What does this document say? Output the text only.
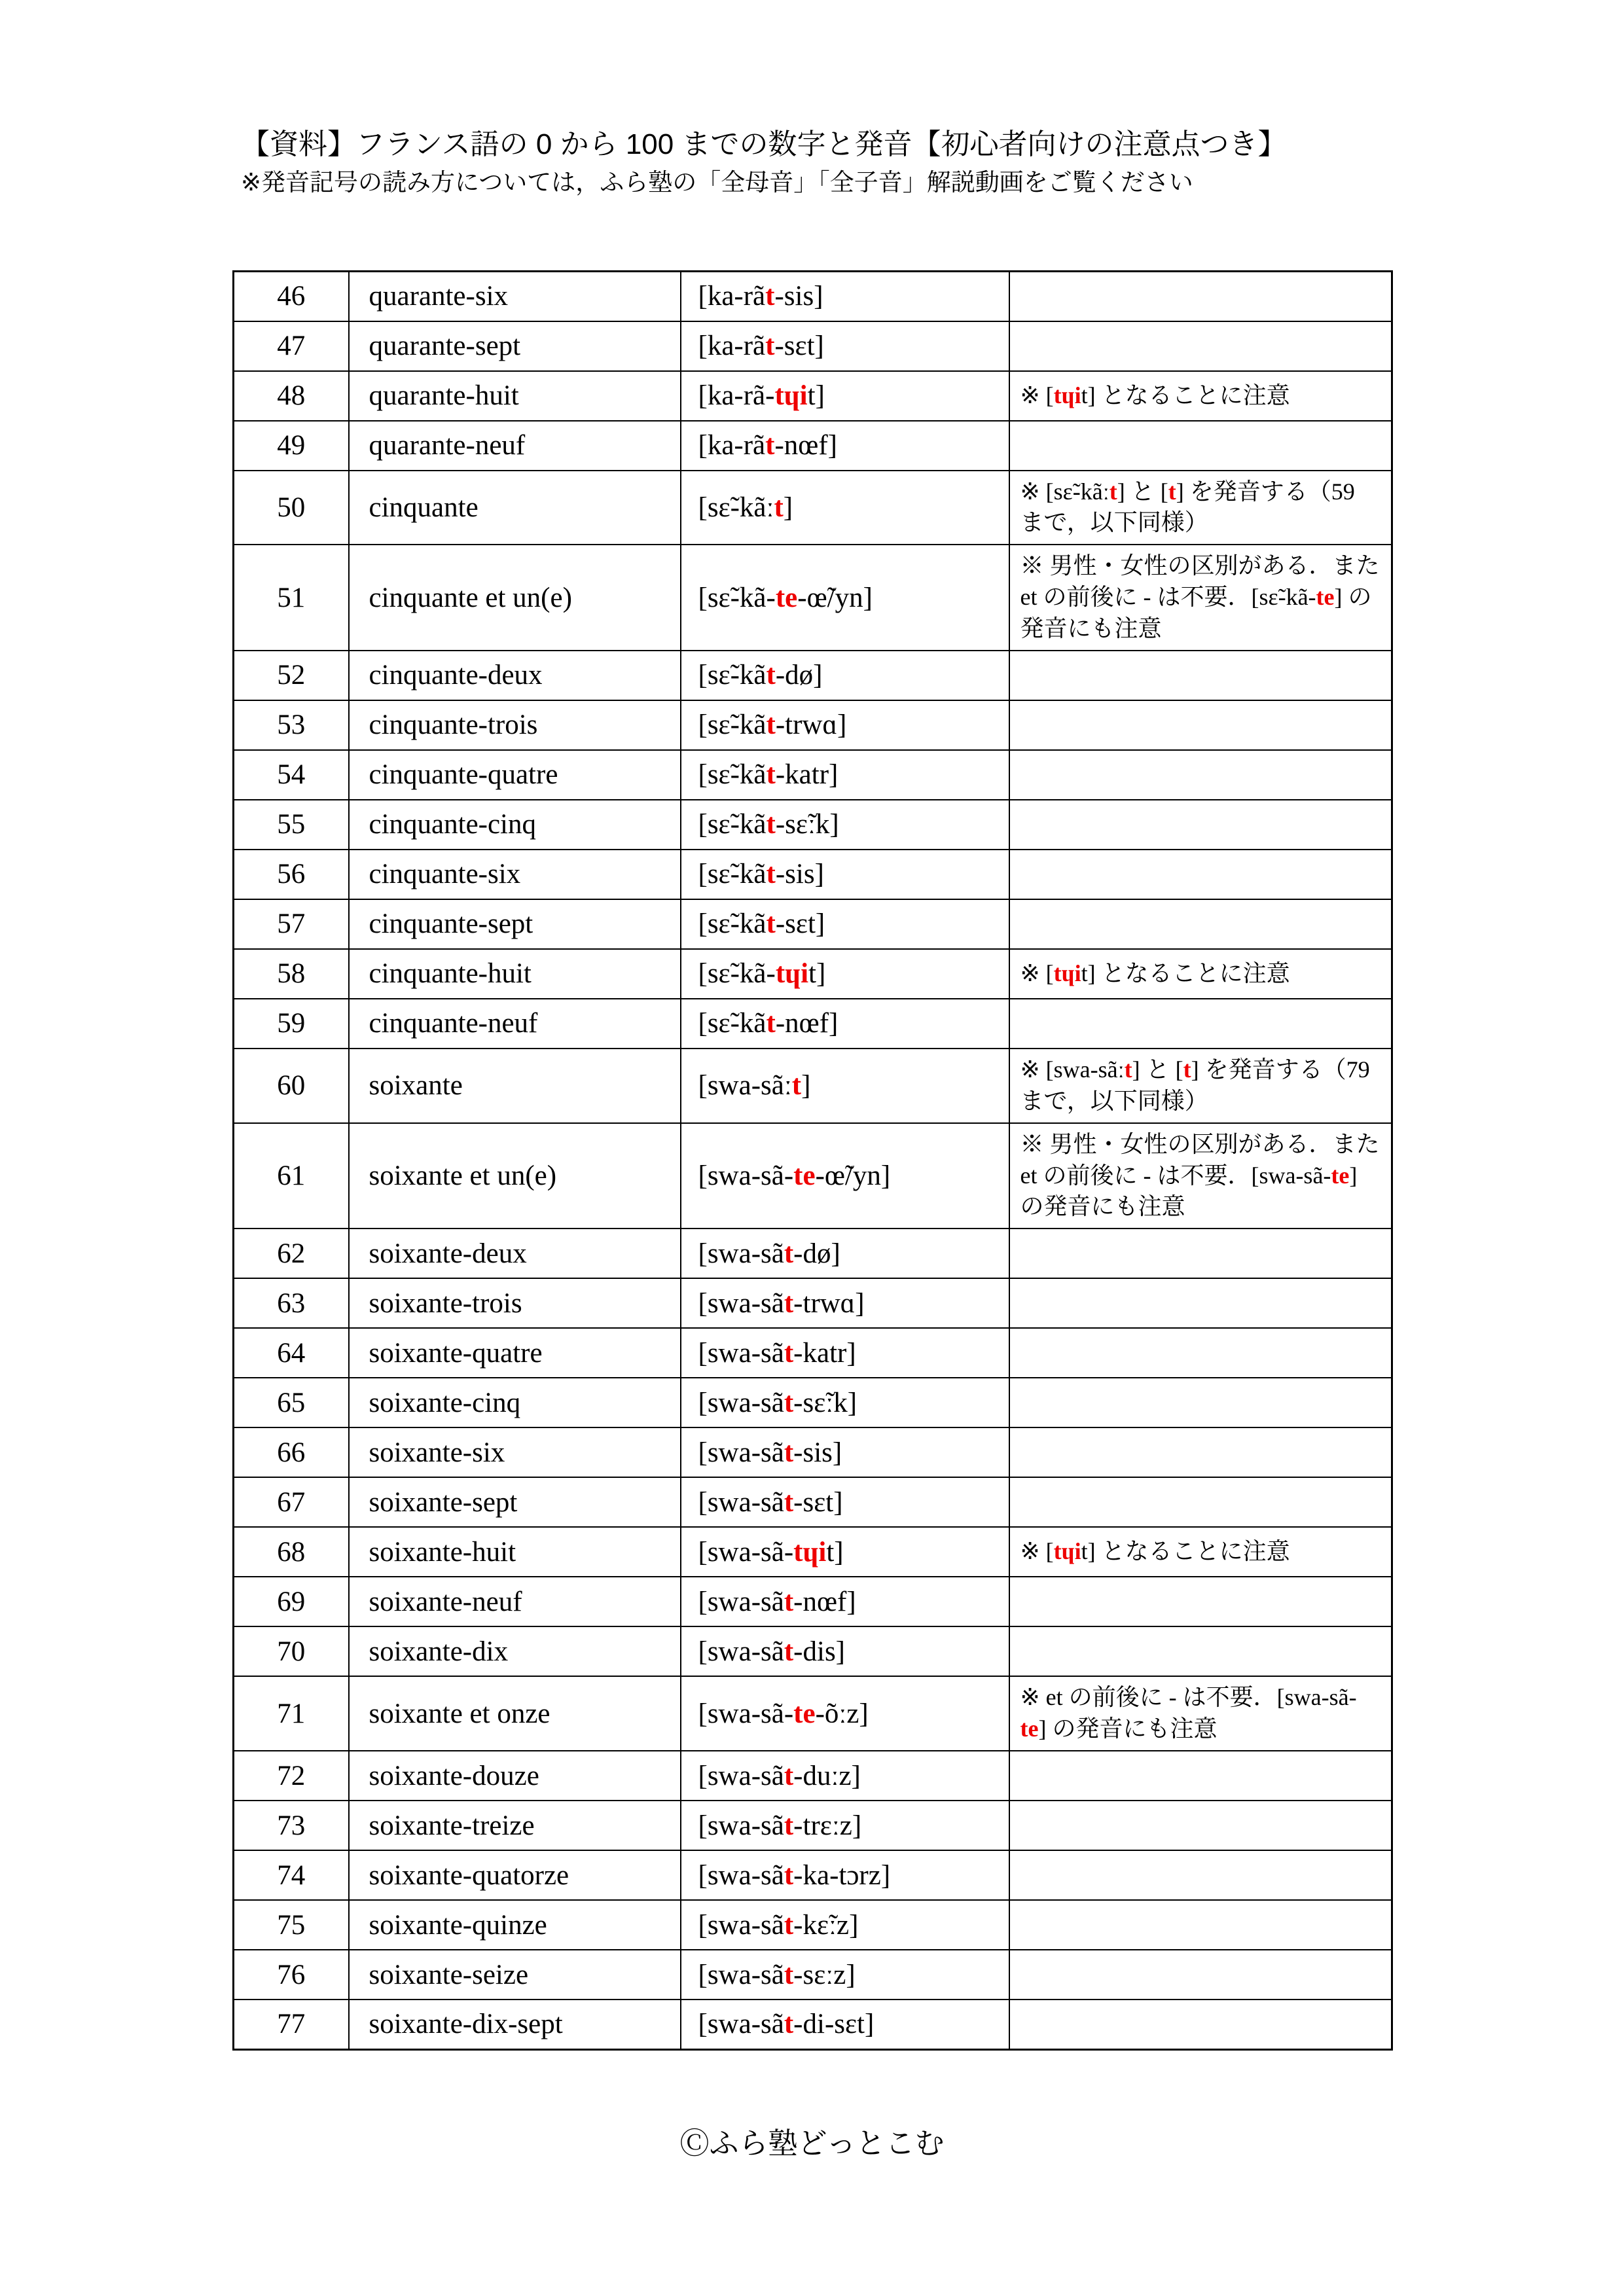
【資料】フランス語の 0 から 100 までの数字と発音【初心者向けの注意点つき】
※発音記号の読み方については，ふら塾の「全母音」「全子音」解説動画をご覧ください
46	quarante-six	[ka-rãt-sis]	
47	quarante-sept	[ka-rãt-sɛt]	
48	quarante-huit	[ka-rã-tɥit]	※ [tɥit] となることに注意
49	quarante-neuf	[ka-rãt-nœf]	
50	cinquante	[sɛ̃-kãːt]	※ [sɛ̃-kãːt] と [t] を発音する（59 まで，以下同様）
51	cinquante et un(e)	[sɛ̃-kã-te-œ̃/yn]	※ 男性・女性の区別がある．また et の前後に - は不要．[sɛ̃-kã-te] の発音にも注意
52	cinquante-deux	[sɛ̃-kãt-dø]	
53	cinquante-trois	[sɛ̃-kãt-trwɑ]	
54	cinquante-quatre	[sɛ̃-kãt-katr]	
55	cinquante-cinq	[sɛ̃-kãt-sɛ̃ːk]	
56	cinquante-six	[sɛ̃-kãt-sis]	
57	cinquante-sept	[sɛ̃-kãt-sɛt]	
58	cinquante-huit	[sɛ̃-kã-tɥit]	※ [tɥit] となることに注意
59	cinquante-neuf	[sɛ̃-kãt-nœf]	
60	soixante	[swa-sãːt]	※ [swa-sãːt] と [t] を発音する（79 まで，以下同様）
61	soixante et un(e)	[swa-sã-te-œ̃/yn]	※ 男性・女性の区別がある．また et の前後に - は不要．[swa-sã-te] の発音にも注意
62	soixante-deux	[swa-sãt-dø]	
63	soixante-trois	[swa-sãt-trwɑ]	
64	soixante-quatre	[swa-sãt-katr]	
65	soixante-cinq	[swa-sãt-sɛ̃ːk]	
66	soixante-six	[swa-sãt-sis]	
67	soixante-sept	[swa-sãt-sɛt]	
68	soixante-huit	[swa-sã-tɥit]	※ [tɥit] となることに注意
69	soixante-neuf	[swa-sãt-nœf]	
70	soixante-dix	[swa-sãt-dis]	
71	soixante et onze	[swa-sã-te-õːz]	※ et の前後に - は不要．[swa-sã-te] の発音にも注意
72	soixante-douze	[swa-sãt-duːz]	
73	soixante-treize	[swa-sãt-trɛːz]	
74	soixante-quatorze	[swa-sãt-ka-tɔrz]	
75	soixante-quinze	[swa-sãt-kɛ̃ːz]	
76	soixante-seize	[swa-sãt-sɛːz]	
77	soixante-dix-sept	[swa-sãt-di-sɛt]	
Ⓒふら塾どっとこむ
